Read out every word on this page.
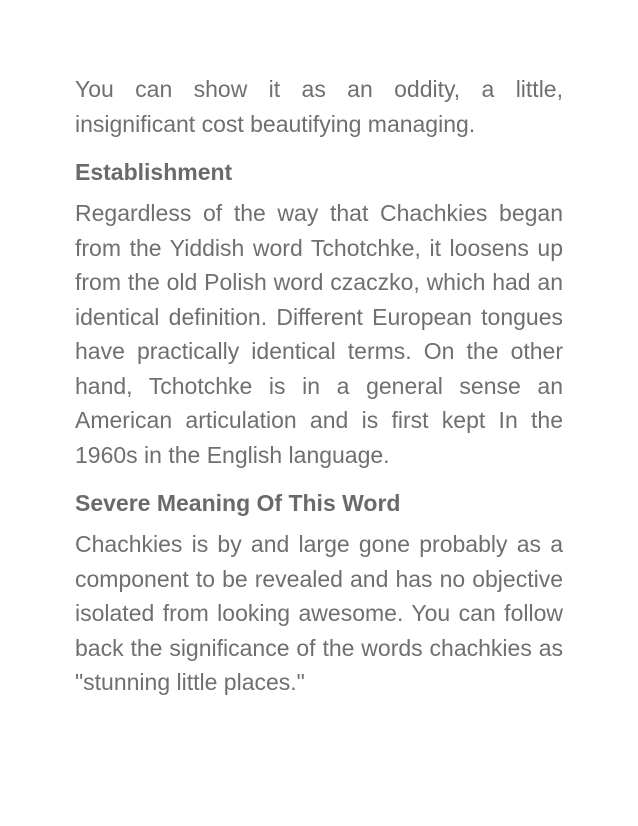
You can show it as an oddity, a little, insignificant cost beautifying managing.

Establishment

Regardless of the way that Chachkies began from the Yiddish word Tchotchke, it loosens up from the old Polish word czaczko, which had an identical definition. Different European tongues have practically identical terms. On the other hand, Tchotchke is in a general sense an American articulation and is first kept In the 1960s in the English language.

Severe Meaning Of This Word

Chachkies is by and large gone probably as a component to be revealed and has no objective isolated from looking awesome. You can follow back the significance of the words chachkies as "stunning little places."
